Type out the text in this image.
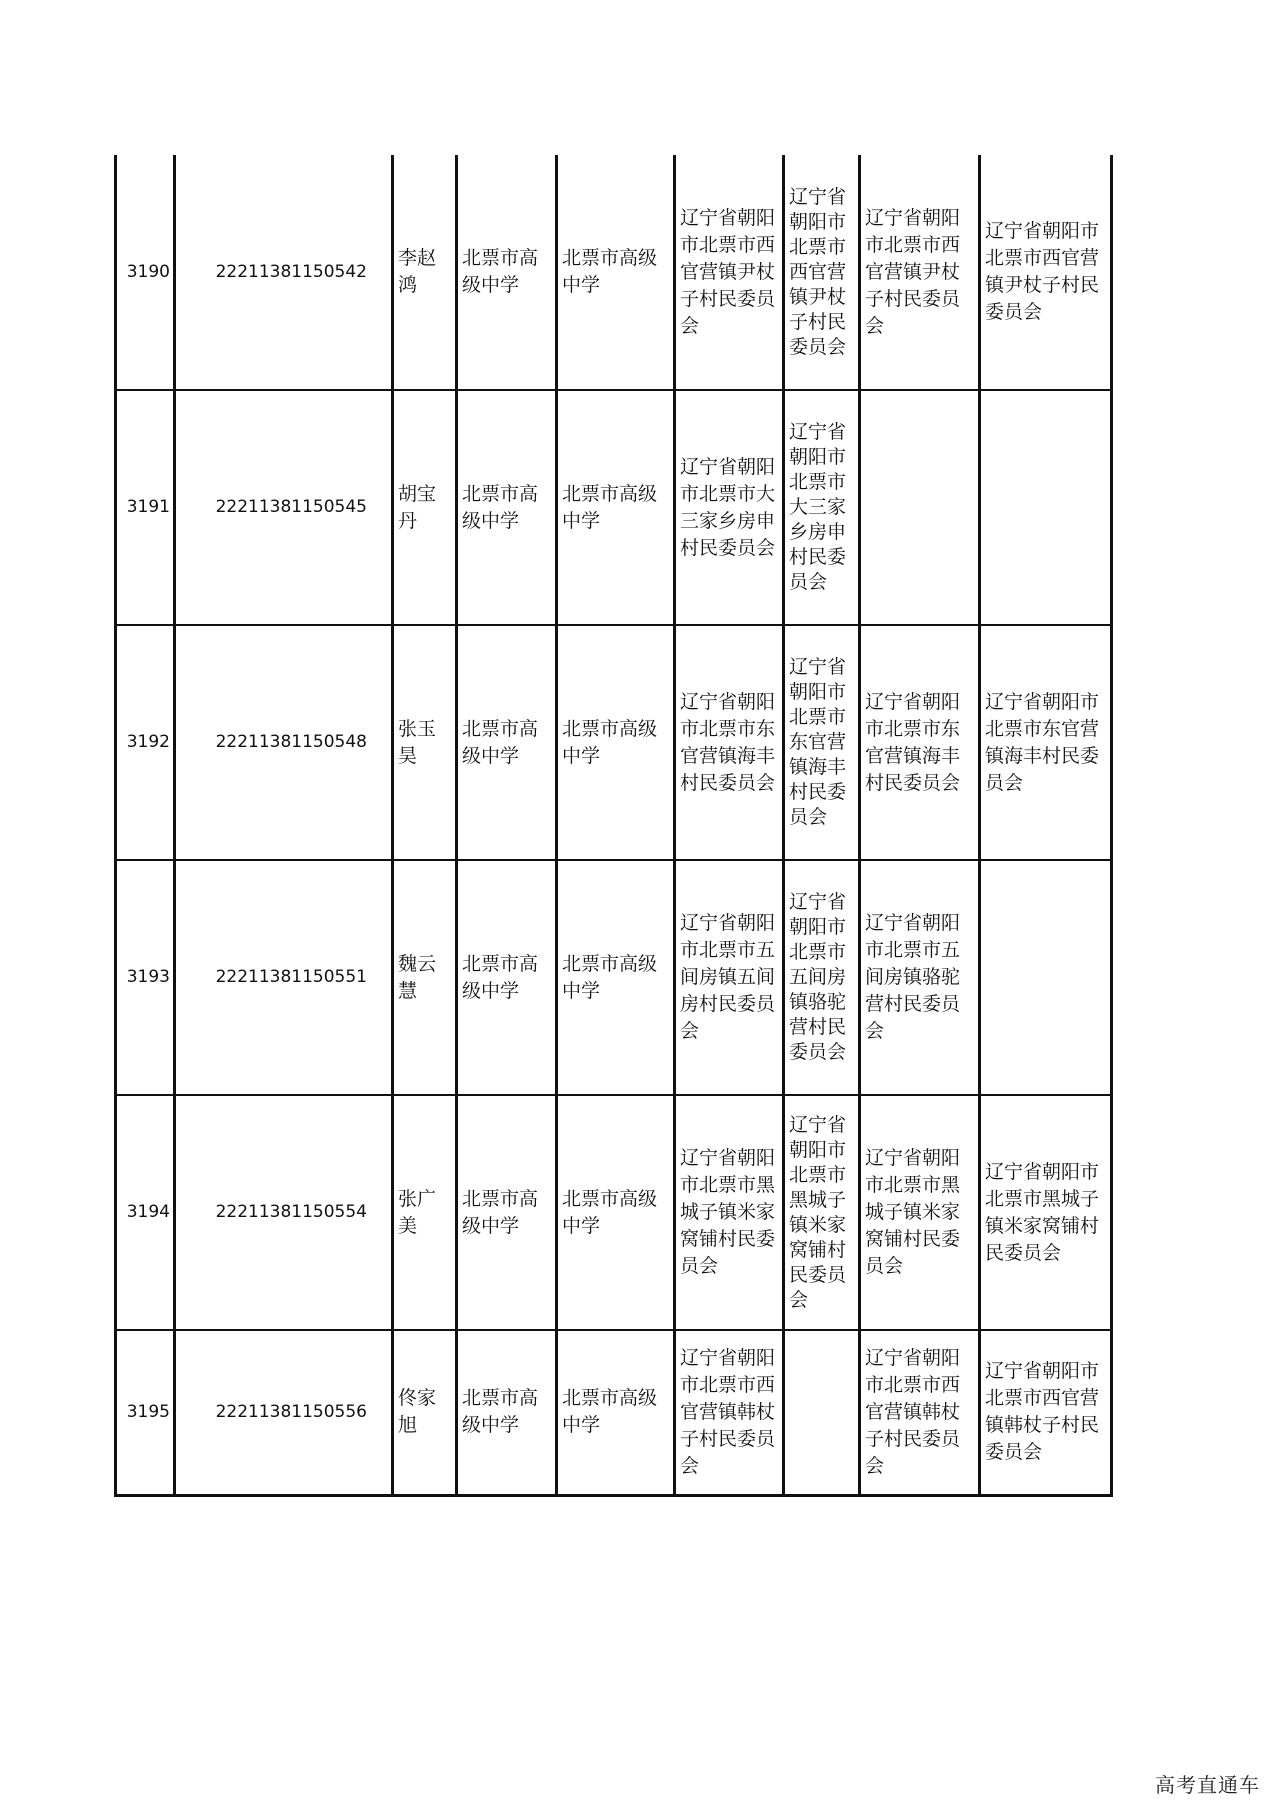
3190	22211381150542	李赵鸿	北票市高级中学	北票市高级中学	辽宁省朝阳市北票市西官营镇尹杖子村民委员会	辽宁省朝阳市北票市西官营镇尹杖子村民委员会	辽宁省朝阳市北票市西官营镇尹杖子村民委员会	辽宁省朝阳市北票市西官营镇尹杖子村民委员会
3191	22211381150545	胡宝丹	北票市高级中学	北票市高级中学	辽宁省朝阳市北票市大三家乡房申村民委员会	辽宁省朝阳市北票市大三家乡房申村民委员会		
3192	22211381150548	张玉昊	北票市高级中学	北票市高级中学	辽宁省朝阳市北票市东官营镇海丰村民委员会	辽宁省朝阳市北票市东官营镇海丰村民委员会	辽宁省朝阳市北票市东官营镇海丰村民委员会	辽宁省朝阳市北票市东官营镇海丰村民委员会
3193	22211381150551	魏云慧	北票市高级中学	北票市高级中学	辽宁省朝阳市北票市五间房镇五间房村民委员会	辽宁省朝阳市北票市五间房镇骆驼营村民委员会	辽宁省朝阳市北票市五间房镇骆驼营村民委员会	
3194	22211381150554	张广美	北票市高级中学	北票市高级中学	辽宁省朝阳市北票市黑城子镇米家窝铺村民委员会	辽宁省朝阳市北票市黑城子镇米家窝铺村民委员会	辽宁省朝阳市北票市黑城子镇米家窝铺村民委员会	辽宁省朝阳市北票市黑城子镇米家窝铺村民委员会
3195	22211381150556	佟家旭	北票市高级中学	北票市高级中学	辽宁省朝阳市北票市西官营镇韩杖子村民委员会		辽宁省朝阳市北票市西官营镇韩杖子村民委员会	辽宁省朝阳市北票市西官营镇韩杖子村民委员会
高考直通车
